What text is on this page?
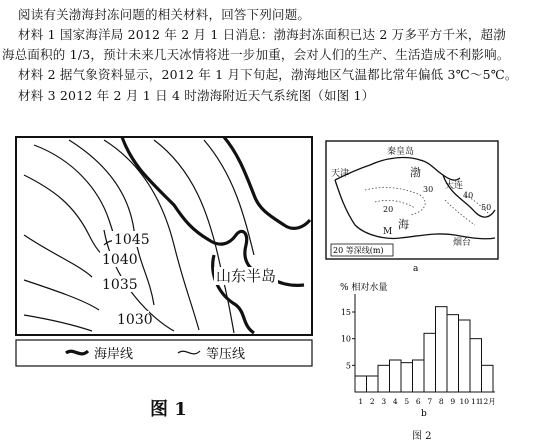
阅读有关渤海封冻问题的相关材料，回答下列问题。
材料 1 国家海洋局 2012 年 2 月 1 日消息：渤海封冻面积已达 2 万多平方千米，超渤
海总面积的 1/3，预计未来几天冰情将进一步加重，会对人们的生产、生活造成不利影响。
材料 2 据气象资料显示，2012 年 1 月下旬起，渤海地区气温都比常年偏低 3℃～5℃。
材料 3 2012 年 2 月 1 日 4 时渤海附近天气系统图（如图 1）
1045
1040
1035
1030
山东半岛
海岸线	等压线
图 1
秦皇岛
天津	渤
海
大连
烟台
M
20
30
40
50
20 等深线(m)
a
% 相对水量
5
10
15
1 2 3 4 5 6 7 8 9 10 11
12月
b
图 2
